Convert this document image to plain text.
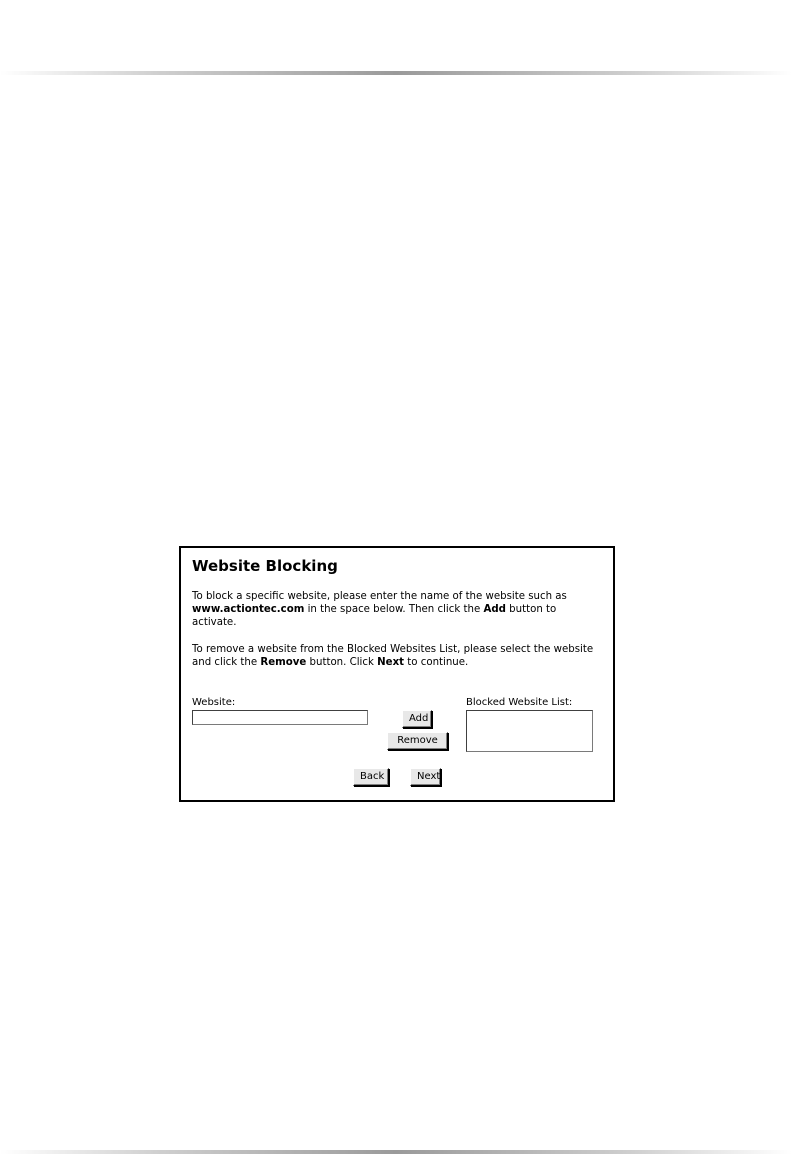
Website Blocking

To block a specific website, please enter the name of the website such as www.actiontec.com in the space below. Then click the Add button to activate.

To remove a website from the Blocked Websites List, please select the website and click the Remove button. Click Next to continue.

Website:
Add
Remove
Blocked Website List:
Back	Next
